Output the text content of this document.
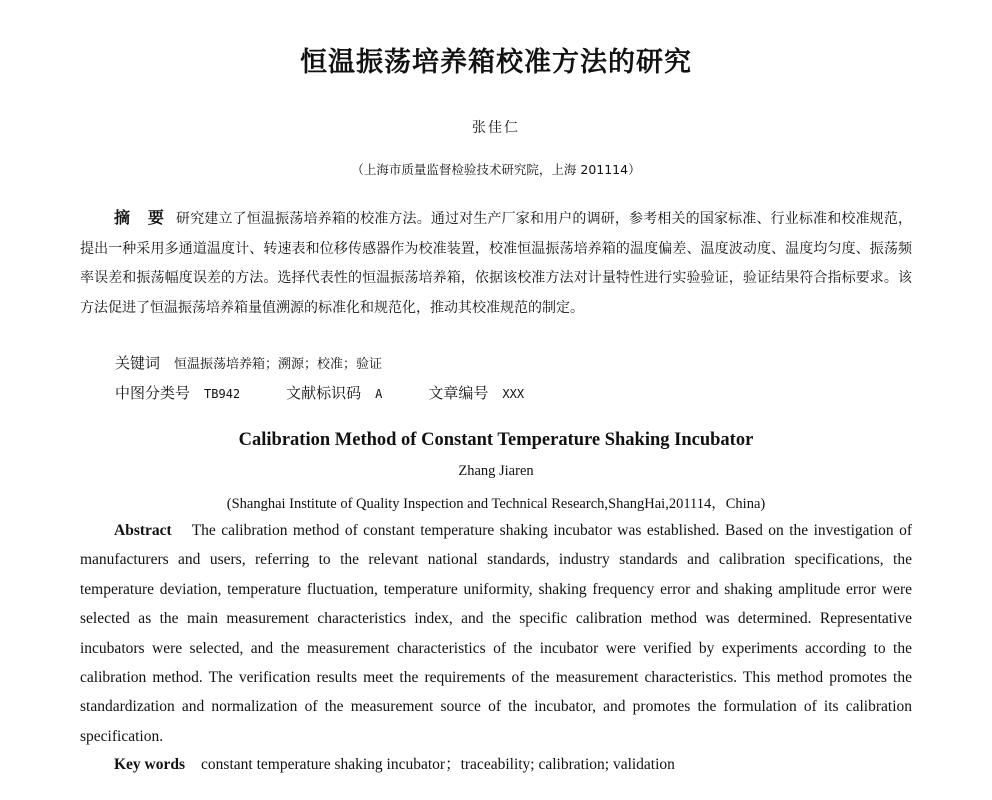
恒温振荡培养箱校准方法的研究
张佳仁
（上海市质量监督检验技术研究院，上海 201114）

摘 要 研究建立了恒温振荡培养箱的校准方法。通过对生产厂家和用户的调研，参考相关的国家标准、行业标准和校准规范，提出一种采用多通道温度计、转速表和位移传感器作为校准装置，校准恒温振荡培养箱的温度偏差、温度波动度、温度均匀度、振荡频率误差和振荡幅度误差的方法。选择代表性的恒温振荡培养箱，依据该校准方法对计量特性进行实验验证，验证结果符合指标要求。该方法促进了恒温振荡培养箱量值溯源的标准化和规范化，推动其校准规范的制定。

关键词 恒温振荡培养箱；溯源；校准；验证
中图分类号 TB942	文献标识码 A	文章编号 XXX
Calibration Method of Constant Temperature Shaking Incubator
Zhang Jiaren
(Shanghai Institute of Quality Inspection and Technical Research,ShangHai,201114，China)

Abstract The calibration method of constant temperature shaking incubator was established. Based on the investigation of manufacturers and users, referring to the relevant national standards, industry standards and calibration specifications, the temperature deviation, temperature fluctuation, temperature uniformity, shaking frequency error and shaking amplitude error were selected as the main measurement characteristics index, and the specific calibration method was determined. Representative incubators were selected, and the measurement characteristics of the incubator were verified by experiments according to the calibration method. The verification results meet the requirements of the measurement characteristics. This method promotes the standardization and normalization of the measurement source of the incubator, and promotes the formulation of its calibration specification.

Key words constant temperature shaking incubator；traceability; calibration; validation
